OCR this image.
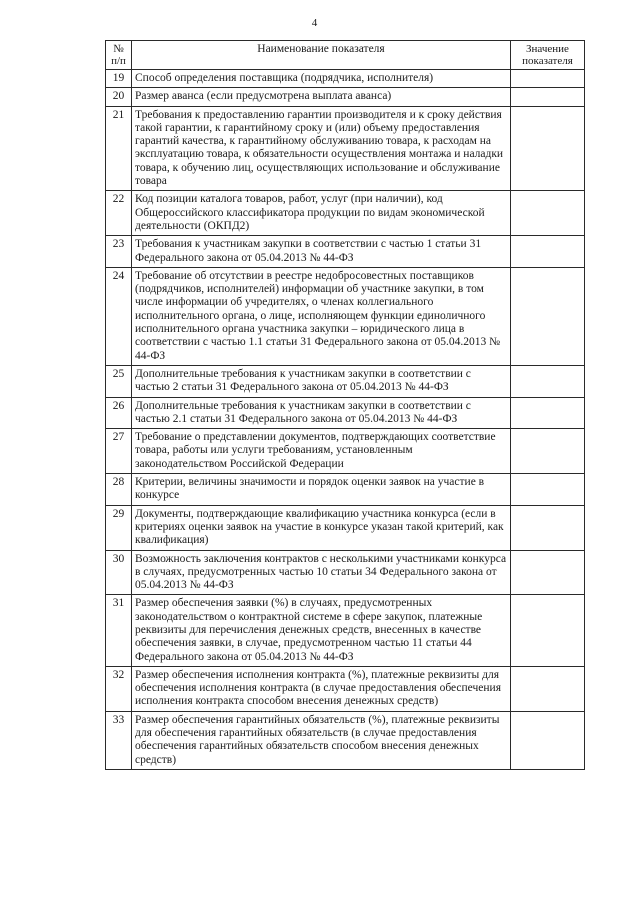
4
№ п/п	Наименование показателя	Значение показателя
19	Способ определения поставщика (подрядчика, исполнителя)	
20	Размер аванса (если предусмотрена выплата аванса)	
21	Требования к предоставлению гарантии производителя и к сроку действия такой гарантии, к гарантийному сроку и (или) объему предоставления гарантий качества, к гарантийному обслуживанию товара, к расходам на эксплуатацию товара, к обязательности осуществления монтажа и наладки товара, к обучению лиц, осуществляющих использование и обслуживание товара	
22	Код позиции каталога товаров, работ, услуг (при наличии), код Общероссийского классификатора продукции по видам экономической деятельности (ОКПД2)	
23	Требования к участникам закупки в соответствии с частью 1 статьи 31 Федерального закона от 05.04.2013 № 44-ФЗ	
24	Требование об отсутствии в реестре недобросовестных поставщиков (подрядчиков, исполнителей) информации об участнике закупки, в том числе информации об учредителях, о членах коллегиального исполнительного органа, о лице, исполняющем функции единоличного исполнительного органа участника закупки – юридического лица в соответствии с частью 1.1 статьи 31 Федерального закона от 05.04.2013 № 44-ФЗ	
25	Дополнительные требования к участникам закупки в соответствии с частью 2 статьи 31 Федерального закона от 05.04.2013 № 44-ФЗ	
26	Дополнительные требования к участникам закупки в соответствии с частью 2.1 статьи 31 Федерального закона от 05.04.2013 № 44-ФЗ	
27	Требование о представлении документов, подтверждающих соответствие товара, работы или услуги требованиям, установленным законодательством Российской Федерации	
28	Критерии, величины значимости и порядок оценки заявок на участие в конкурсе	
29	Документы, подтверждающие квалификацию участника конкурса (если в критериях оценки заявок на участие в конкурсе указан такой критерий, как квалификация)	
30	Возможность заключения контрактов с несколькими участниками конкурса в случаях, предусмотренных частью 10 статьи 34 Федерального закона от 05.04.2013 № 44-ФЗ	
31	Размер обеспечения заявки (%) в случаях, предусмотренных законодательством о контрактной системе в сфере закупок, платежные реквизиты для перечисления денежных средств, внесенных в качестве обеспечения заявки, в случае, предусмотренном частью 11 статьи 44 Федерального закона от 05.04.2013 № 44-ФЗ	
32	Размер обеспечения исполнения контракта (%), платежные реквизиты для обеспечения исполнения контракта (в случае предоставления обеспечения исполнения контракта способом внесения денежных средств)	
33	Размер обеспечения гарантийных обязательств (%), платежные реквизиты для обеспечения гарантийных обязательств (в случае предоставления обеспечения гарантийных обязательств способом внесения денежных средств)	
